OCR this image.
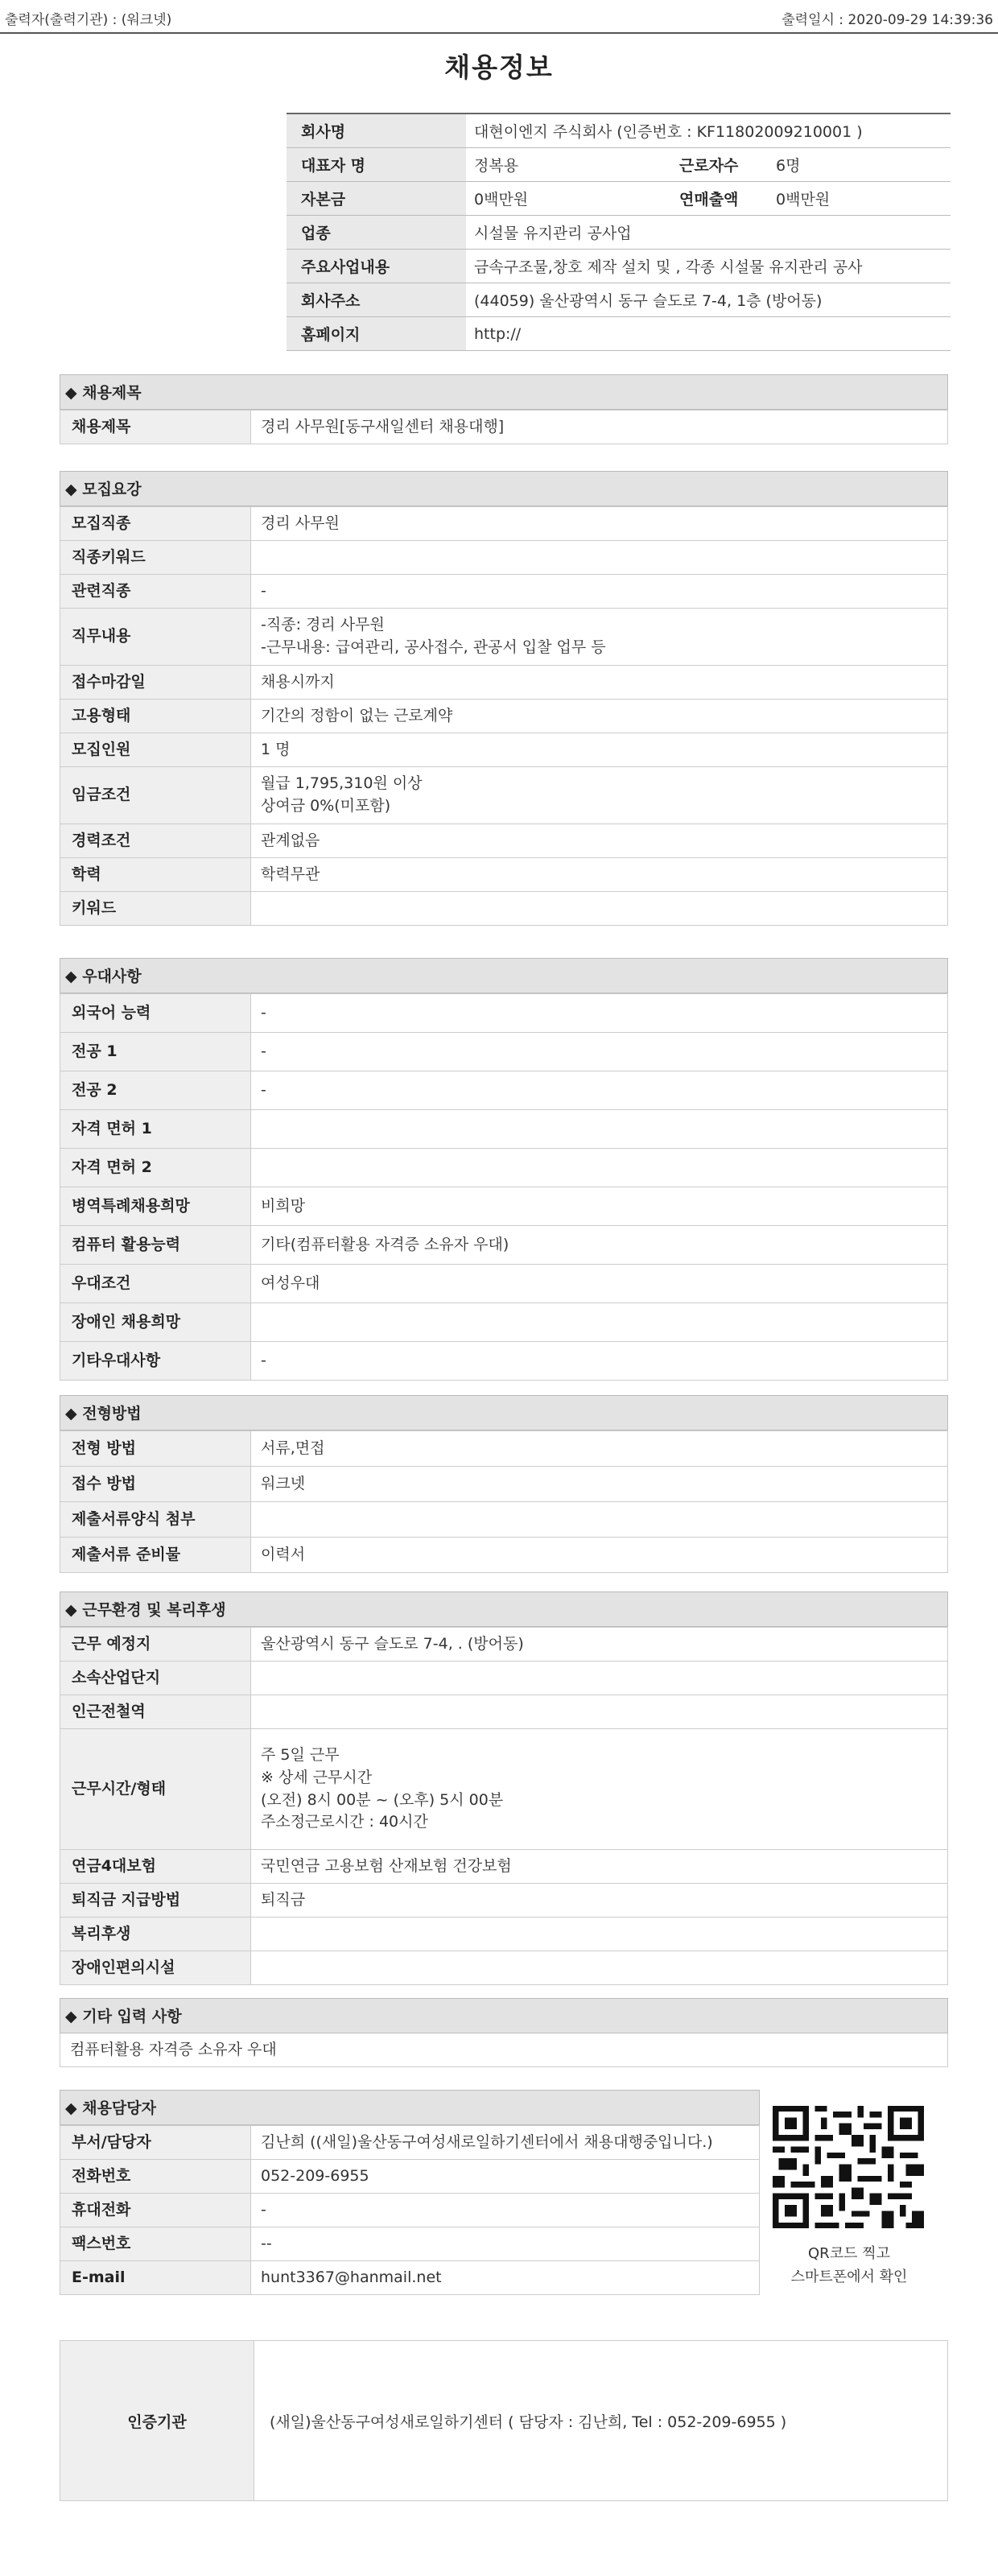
출력자(출력기관) : (워크넷)	출력일시 : 2020-09-29 14:39:36
채용정보
회사명	대현이엔지 주식회사 (인증번호 : KF11802009210001 )		
대표자 명	정복용	근로자수	6명
자본금	0백만원	연매출액	0백만원
업종	시설물 유지관리 공사업		
주요사업내용	금속구조물,창호 제작 설치 및 , 각종 시설물 유지관리 공사		
회사주소	(44059) 울산광역시 동구 슬도로 7-4, 1층 (방어동)		
홈페이지	http://		
◆ 채용제목
채용제목	경리 사무원[동구새일센터 채용대행]
◆ 모집요강
모집직종	경리 사무원
직종키워드	
관련직종	-
직무내용	-직종: 경리 사무원
-근무내용: 급여관리, 공사접수, 관공서 입찰 업무 등

접수마감일	채용시까지
고용형태	기간의 정함이 없는 근로계약
모집인원	1 명
임금조건	월급 1,795,310원 이상
상여금 0%(미포함)

경력조건	관계없음
학력	학력무관
키워드	
◆ 우대사항
외국어 능력	-
전공 1	-
전공 2	-
자격 면허 1	
자격 면허 2	
병역특례채용희망	비희망
컴퓨터 활용능력	기타(컴퓨터활용 자격증 소유자 우대)
우대조건	여성우대
장애인 채용희망	
기타우대사항	-
◆ 전형방법
전형 방법	서류,면접
접수 방법	워크넷
제출서류양식 첨부	
제출서류 준비물	이력서
◆ 근무환경 및 복리후생
근무 예정지	울산광역시 동구 슬도로 7-4, . (방어동)
소속산업단지	
인근전철역	
근무시간/형태	주 5일 근무
※ 상세 근무시간
(오전) 8시 00분 ~ (오후) 5시 00분
주소정근로시간 : 40시간

연금4대보험	국민연금 고용보험 산재보험 건강보험
퇴직금 지급방법	퇴직금
복리후생	
장애인편의시설	
◆ 기타 입력 사항
컴퓨터활용 자격증 소유자 우대
◆ 채용담당자
부서/담당자	김난희 ((새일)울산동구여성새로일하기센터에서 채용대행중입니다.)
전화번호	052-209-6955
휴대전화	-
팩스번호	--
E-mail	hunt3367@hanmail.net
QR코드 찍고
스마트폰에서 확인
인증기관	(새일)울산동구여성새로일하기센터 ( 담당자 : 김난희, Tel : 052-209-6955 )
